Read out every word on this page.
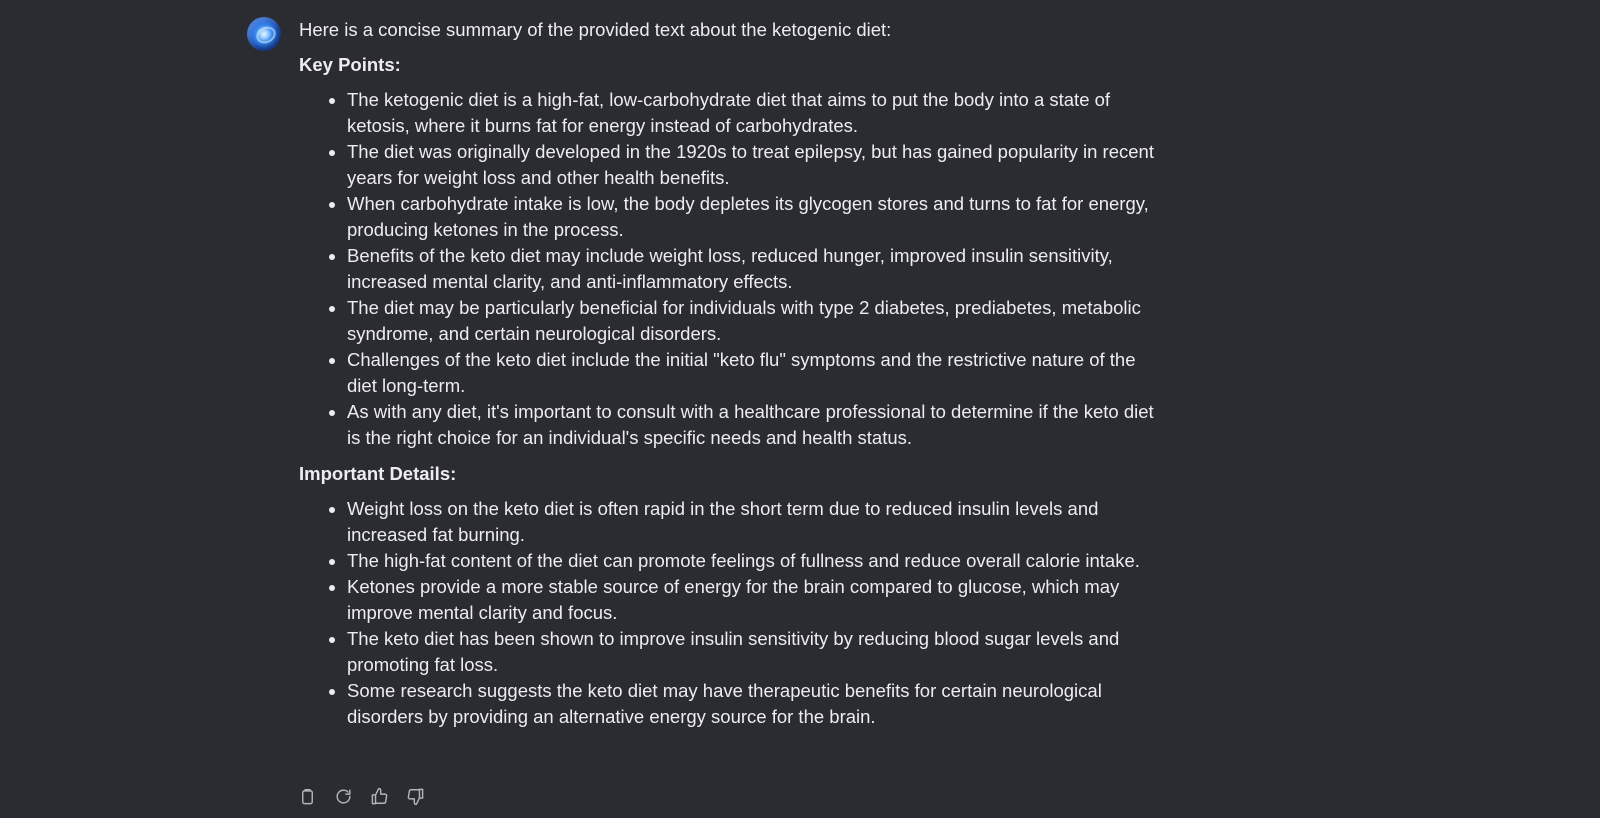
Here is a concise summary of the provided text about the ketogenic diet:

Key Points:

• The ketogenic diet is a high-fat, low-carbohydrate diet that aims to put the body into a state of ketosis, where it burns fat for energy instead of carbohydrates.
• The diet was originally developed in the 1920s to treat epilepsy, but has gained popularity in recent years for weight loss and other health benefits.
• When carbohydrate intake is low, the body depletes its glycogen stores and turns to fat for energy, producing ketones in the process.
• Benefits of the keto diet may include weight loss, reduced hunger, improved insulin sensitivity, increased mental clarity, and anti-inflammatory effects.
• The diet may be particularly beneficial for individuals with type 2 diabetes, prediabetes, metabolic syndrome, and certain neurological disorders.
• Challenges of the keto diet include the initial "keto flu" symptoms and the restrictive nature of the diet long-term.
• As with any diet, it's important to consult with a healthcare professional to determine if the keto diet is the right choice for an individual's specific needs and health status.

Important Details:

• Weight loss on the keto diet is often rapid in the short term due to reduced insulin levels and increased fat burning.
• The high-fat content of the diet can promote feelings of fullness and reduce overall calorie intake.
• Ketones provide a more stable source of energy for the brain compared to glucose, which may improve mental clarity and focus.
• The keto diet has been shown to improve insulin sensitivity by reducing blood sugar levels and promoting fat loss.
• Some research suggests the keto diet may have therapeutic benefits for certain neurological disorders by providing an alternative energy source for the brain.
